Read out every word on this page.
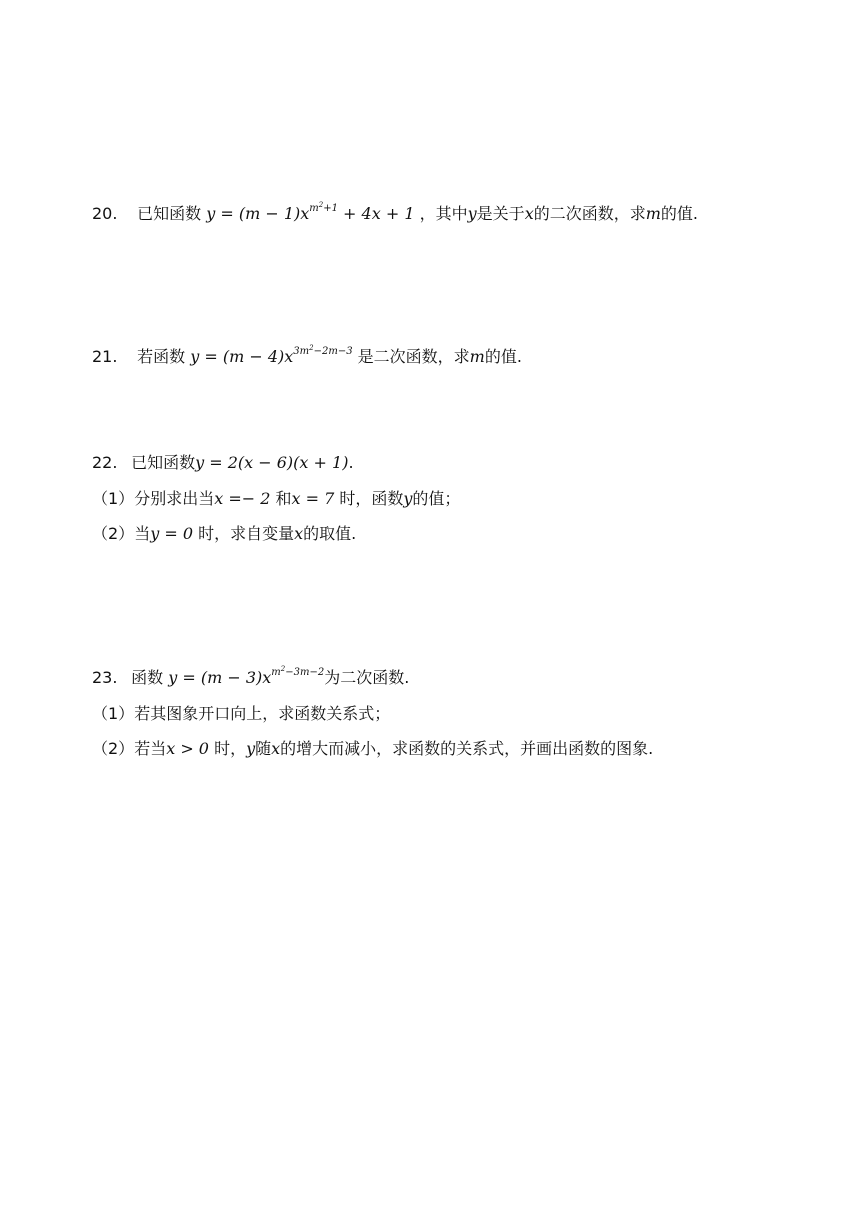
20. 已知函数 $y = (m - 1)x^{m^2+1} + 4x + 1$ ，其中y是关于x的二次函数，求m的值.
21. 若函数 $y = (m - 4)x^{3m^2-2m-3}$ 是二次函数，求m的值.
22. 已知函数y = 2(x − 6)(x + 1).
（1）分别求出当x =− 2 和x = 7 时，函数y的值；
（2）当y = 0 时，求自变量x的取值.
23. 函数 $y = (m - 3)x^{m^2-3m-2}$为二次函数.
（1）若其图象开口向上，求函数关系式；
（2）若当x > 0 时，y随x的增大而减小，求函数的关系式，并画出函数的图象.
